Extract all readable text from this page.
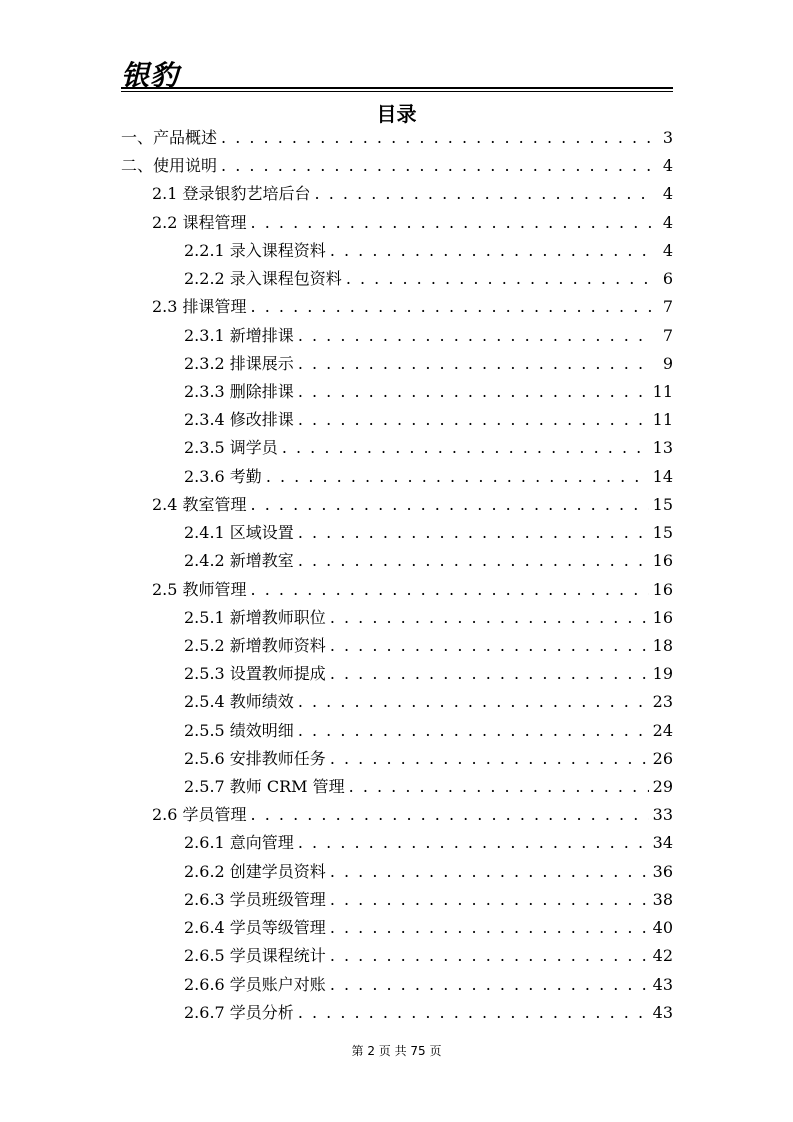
银豹
目录
一、产品概述 . . .	3
二、使用说明 . . .	4
2.1 登录银豹艺培后台 . . .	4
2.2 课程管理 . . .	4
2.2.1 录入课程资料 . . .	4
2.2.2 录入课程包资料 . . .	6
2.3 排课管理 . . .	7
2.3.1 新增排课 . . .	7
2.3.2 排课展示 . . .	9
2.3.3 删除排课 . . .	11
2.3.4 修改排课 . . .	11
2.3.5 调学员 . . .	13
2.3.6 考勤 . . .	14
2.4 教室管理 . . .	15
2.4.1 区域设置 . . .	15
2.4.2 新增教室 . . .	16
2.5 教师管理 . . .	16
2.5.1 新增教师职位 . . .	16
2.5.2 新增教师资料 . . .	18
2.5.3 设置教师提成 . . .	19
2.5.4 教师绩效 . . .	23
2.5.5 绩效明细 . . .	24
2.5.6 安排教师任务 . . .	26
2.5.7 教师 CRM 管理 . . .	29
2.6 学员管理 . . .	33
2.6.1 意向管理 . . .	34
2.6.2 创建学员资料 . . .	36
2.6.3 学员班级管理 . . .	38
2.6.4 学员等级管理 . . .	40
2.6.5 学员课程统计 . . .	42
2.6.6 学员账户对账 . . .	43
2.6.7 学员分析 . . .	43
第 2 页 共 75 页
